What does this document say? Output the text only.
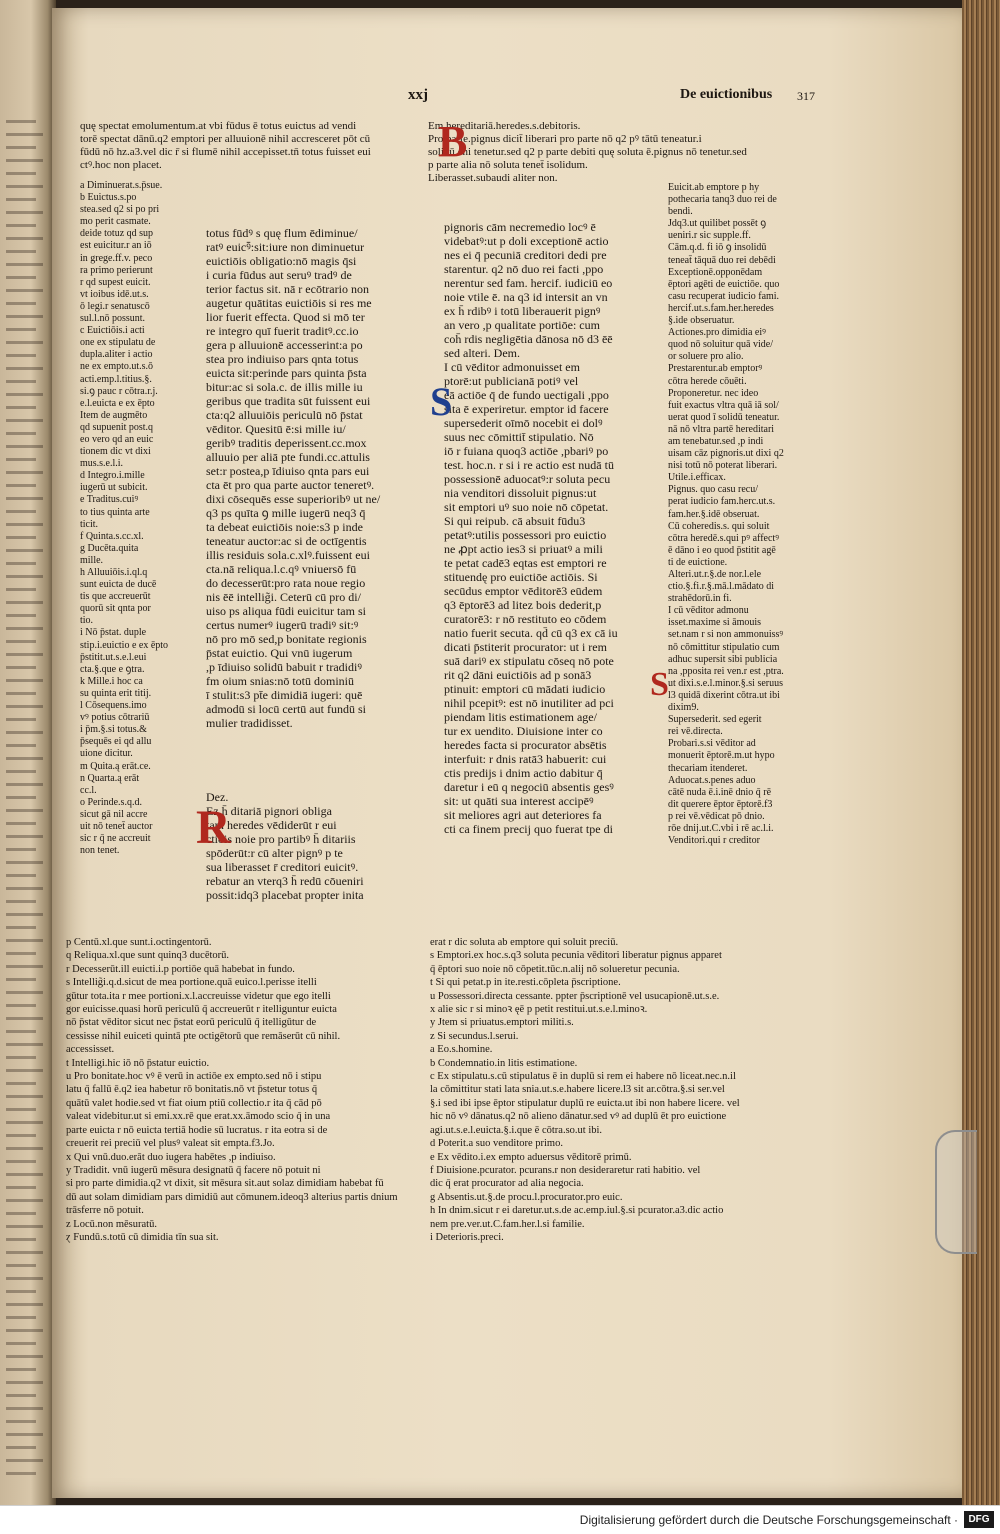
xxj	De euictionibus 317
quę spectat emolumentum.at vbi fūdus ē totus euictus ad vendi
torē spectat dānū.q2 emptori per alluuionē nihil accresceret pōt cū
fūdū nō hz.a3.vel dic r̄ si flumē nihil accepisset.tn̄ totus fuisset eui
ctꝰ.hoc non placet.
Em hereditariā.heredes.s.debitoris.
Pro parte.pignus dicit̄ liberari pro parte nō q2 pꝰ tātū teneatur.i
solidū eni tenetur.sed q2 p parte debiti quę soluta ē.pignus nō tenetur.sed
p parte alia nō soluta tenet̄ isolidum.
Liberasset.subaudi aliter non.
a Diminuerat.s.p̄sue.
b Euictus.s.po
stea.sed q2 si po pri
mo perit casmate.
deide totuz qd̄ sup
est euicitur.r an iō
in grege.ff.v. peco
ra primo perierunt
r qd̄ supest euicit.
vt ioibus idē.ut.s.
ō legi.r senatuscō
sul.l.nō possunt.
c Euictiōis.i acti
one ex stipulatu de
dupla.aliter i actio
ne ex empto.ut.s.ō
acti.emp.l.titius.§.
si.ꝯ pauc r cōtra.r.j.
e.l.euicta e ex ēpto
Item de augmēto
qd̄ supuenit post.q
eo vero qd̄ an euic
tionem dic vt dixi
mus.s.e.l.i.
d Integro.i.mille
iugerū ut subicit.
e Traditus.cuiꝰ
to tius quinta arte
ticit.
f Quinta.s.cc.xl.
g Ducēta.quita
mille.
h Alluuiōis.i.ql.q
sunt euicta de ducē
tis que accreuerūt
quorū sit qnta por
tio.
i Nō p̄stat. duple
stip.i.euictio e ex ēpto
p̄stitit.ut.s.e.l.eui
cta.§.que e ꝯtra.
k Mille.i hoc ca
su quinta erit titij.
l Cōsequens.imo
vꝰ potius cōtrariū
i p̄m.§.si totus.&
p̄sequēs ei qd̄ allu
uione dicitur.
m Quita.ą erāt.ce.
n Quarta.ą erāt
cc.l.
o Perinde.s.q.d.
sicut gā nil accre
uit nō tenet̄ auctor
sic r q̄ ne accreuit
non tenet.
totus fūdꝰ s quę flum ēdiminue/
ratꝰ euicꝰ̄:sit:iure non diminuetur
euictiōis obligatio:nō magis q̄si
i curia fūdus aut seruꝰ tradꝰ de
terior factus sit. nā r ecōtrario non
augetur quātitas euictiōis si res me
lior fuerit effecta. Quod si mō ter
re integro quī fuerit traditꝰ.cc.io
gera p alluuionē accesserint:a po
stea pro indiuiso pars qnta totus
euicta sit:perinde pars quinta p̄sta
bitur:ac si sola.c. de illis mille iu
geribus que tradita sūt fuissent eui
cta:q2 alluuiōis periculū nō p̄stat
vēditor. Quesitū ē:si mille iu/
geribꝰ traditis deperissent.cc.mox
alluuio per aliā pte fundi.cc.attulis
set:r postea,p īdiuiso qnta pars eui
cta ēt pro qua parte auctor teneretꝰ.
dixi cōsequēs esse superioribꝰ ut ne/
q3 ps quīta ꝯ mille iugerū neq3 q̄
ta debeat euictiōis noie:s3 p inde
teneatur auctor:ac si de octīgentis
illis residuis sola.c.xlꝰ.fuissent eui
cta.nā reliqua.l.c.qꝰ vniuersō fū
do decesserūt:pro rata noue regio
nis ēē intellig̃i. Ceterū cū pro di/
uiso ps aliqua fūdi euicitur tam si
certus numerꝰ iugerū tradiꝰ sit:ꝰ
nō pro mō sed,p bonitate regionis
p̄stat euictio. Qui vnū iugerum
,p īdiuiso solidū babuit r tradidiꝰ
fm oium snias:nō totū dominiū
ī stulit:s3 pt̄e dimidiā iugeri: quē
admodū si locū certū aut fundū si
mulier tradidisset.
Dez.
Ez h̄ ditariā pignori obliga
tam heredes vēdiderūt r eui
ctiōis noie pro partibꝰ h̄ ditariis
spōderūt:r cū alter pignꝰ p te
sua liberasset r̄ creditori euicitꝰ.
rebatur an vterq3 h̄ redū cōueniri
possit:idq3 placebat propter inita
pignoris cām necremedio locꝰ ē
videbatꝰ:ut p doli exceptionē actio
nes ei q̄ pecuniā creditori dedi pre
starentur. q2 nō duo rei facti ,ppo
nerentur sed fam. hercif. iudiciū eo
noie vtile ē. na q3 id intersit an vn
ex h̄ rdibꝰ i totū liberauerit pignꝰ
an vero ,p qualitate portiōe: cum
coh̄ rdis negligētia dānosa nō d3 ēē
sed alteri. Dem.
I cū vēditor admonuisset em
ptorē:ut publicianā potiꝰ vel
eā actiōe q̄ de fundo uectigali ,ppo
sita ē experiretur. emptor id facere
supersederit oīmō nocebit ei dolꝰ
suus nec cōmittit̄ stipulatio. Nō
iō r fuiana quoq3 actiōe ,pbariꝰ po
test. hoc.n. r si i re actio est nudā tū
possessionē aduocatꝰ:r soluta pecu
nia venditori dissoluit pignus:ut
sit emptori uꝰ suo noie nō cōpetat.
Si qui reipub. cā absuit fūdu3
petatꝰ:utilis possessori pro euictio
ne ꝓpt actio ies3 si priuatꝰ a mili
te petat cadē3 eqtas est emptori re
stituendę pro euictiōe actiōis. Si
secūdus emptor vēditorē3 eūdem
q3 ēptorē3 ad litez bois dederit,p
curatorē3: r nō restituto eo cōdem
natio fuerit secuta. qd̄ cū q3 ex cā iu
dicati p̄stiterit procurator: ut i rem
suā dariꝰ ex stipulatu cōseq nō pote
rit q2 dāni euictiōis ad p sonā3
ptinuit: emptori cū mādati iudicio
nihil pcepitꝰ: est nō inutiliter ad pci
piendam litis estimationem age/
tur ex uendito. Diuisione inter co
heredes facta si procurator absētis
interfuit: r dnis ratā3 habuerit: cui
ctis predijs i dnim actio dabitur q̄
daretur i eū q negociū absentis gesꝰ
sit: ut quāti sua interest accipēꝰ
sit meliores agri aut deteriores fa
cti ca finem precij quo fuerat tpe di
Euicit.ab emptore p hy
pothecaria tanq3 duo rei de
bendi.
Jdq3.ut quilibet possēt ꝯ
ueniri.r sic supple.ff.
Cām.q.d. fi iō ꝯ insolidū
teneat̄ tāquā duo rei debēdi
Exceptionē.opponēdam
ēptori agēti de euictiōe. quo
casu recuperat iudicio fami.
hercif.ut.s.fam.her.heredes
§.ide obseruatur.
Actiones.pro dimidia eiꝰ
quod nō soluitur quā vide/
or soluere pro alio.
Prestarentur.ab emptorꝰ
cōtra herede cōuēti.
Proponeretur. nec ideo
fuit exactus vltra quā iā sol/
uerat quod ī solidū teneatur.
nā nō vltra partē hereditari
am tenebatur.sed ,p indi
uisam cāz pignoris.ut dixi q2
nisi totū nō poterat liberari.
Utile.i.efficax.
Pignus. quo casu recu/
perat iudicio fam.herc.ut.s.
fam.her.§.idē obseruat.
Cū coheredis.s. qui soluit
cōtra heredē.s.qui pꝰ affectꝰ
ē dāno i eo quod p̄stitit agē
ti de euictione.
Alteri.ut.r.§.de nor.l.ele
ctio.§.fi.r.§.mā.l.mādato di
strahēdorū.in fi.
I cū vēditor admonu
isset.maxime si āmouis
set.nam r si non ammonuissꝰ
nō cōmittitur stipulatio cum
adhuc supersit sibi publicia
na ,pposita rei ven.r est ,ptra.
ut dixi.s.e.l.minor.§.si seruus
l3 quidā dixerint cōtra.ut ibi
dixim9.
Supersederit. sed egerit
rei vē.directa.
Probari.s.si vēditor ad
monuerit ēptorē.m.ut hypo
thecariam itenderet.
Aduocat.s.penes aduo
cātē nuda ē.i.inē dnio q̄ rē
dit querere ēptor ēptorē.f3
p rei vē.vēdicat pō dnio.
rōe dnij.ut.C.vbi i rē ac.l.i.
Venditori.qui r creditor
p Centū.xl.que sunt.i.octingentorū.
q Reliqua.xl.que sunt quinq3 ducētorū.
r Decesserūt.ill euicti.i.p portiōe quā habebat in fundo.
s Intellig̃i.q.d.sicut de mea portione.quā euico.l.perisse itelli
gūtur tota.ita r mee portioni.x.l.accreuisse videtur que ego itelli
gor euicisse.quasi horū periculū q̄ accreuerūt r itelliguntur euicta
nō p̄stat vēditor sicut nec p̄stat eorū periculū q̄ itelligūtur de
cessisse nihil euiceti quintā pte octigētorū que remāserūt cū nihil.
accessisset.
t Intelligi.hic iō nō p̄statur euictio.
u Pro bonitate.hoc vꝰ ē verū in actiōe ex empto.sed nō i stipu
latu q̄ fallū ē.q2 iea habetur rō bonitatis.nō vt p̄stetur totus q̄
quātū valet hodie.sed vt fiat oium ptiū collectio.r ita q̄ cād pō
valeat videbitur.ut si emi.xx.rē que erat.xx.āmodo scio q̄ in una
parte euicta r nō euicta tertiā hodie sū lucratus. r ita eotra si de
creuerit rei preciū vel plusꝰ valeat sit empta.f3.Jo.
x Qui vnū.duo.erāt duo iugera habētes ,p indiuiso.
y Tradidit. vnū iugerū mēsura designatū q̄ facere nō potuit ni
si pro parte dimidia.q2 vt dixit, sit mēsura sit.aut solaz dimidiam habebat fū
dū aut solam dimidiam pars dimidiū aut cōmunem.ideoq3 alterius partis dnium
trāsferre nō potuit.
z Locū.non mēsuratū.
ɀ Fundū.s.totū cū dimidia tīn sua sit.
erat r dic soluta ab emptore qui soluit preciū.
s Emptori.ex hoc.s.q3 soluta pecunia vēditori liberatur pignus apparet
q̄ ēptori suo noie nō cōpetit.tūc.n.alij nō solueretur pecunia.
t Si qui petat.p in ite.resti.cōpleta p̄scriptione.
u Possessori.directa cessante. ppter p̄scriptionē vel usucapionē.ut.s.e.
x alie sic r si minoꝛ ęē p petit restitui.ut.s.e.l.minoꝛ.
y Jtem si priuatus.emptori militi.s.
z Si secundus.l.serui.
a Eo.s.homine.
b Condemnatio.in litis estimatione.
c Ex stipulatu.s.cū stipulatus ē in duplū si rem ei habere nō liceat.nec.n.il
la cōmittitur stati lata snia.ut.s.e.habere licere.l3 sit ar.cōtra.§.si ser.vel
§.i sed ibi ipse ēptor stipulatur duplū re euicta.ut ibi non habere licere. vel
hic nō vꝰ dānatus.q2 nō alieno dānatur.sed vꝰ ad duplū ēt pro euictione
agi.ut.s.e.l.euicta.§.i.que ē cōtra.so.ut ibi.
d Poterit.a suo venditore primo.
e Ex vēdito.i.ex empto aduersus vēditorē primū.
f Diuisione.pcurator. pcurans.r non desideraretur rati habitio. vel
dic q̄ erat procurator ad alia negocia.
g Absentis.ut.§.de procu.l.procurator.pro euic.
h In dnim.sicut r ei daretur.ut.s.de ac.emp.iul.§.si pcurator.a3.dic actio
nem pre.ver.ut.C.fam.her.l.si familie.
i Deterioris.preci.
B
R
S
S
Digitalisierung gefördert durch die Deutsche Forschungsgemeinschaft ·	DFG
